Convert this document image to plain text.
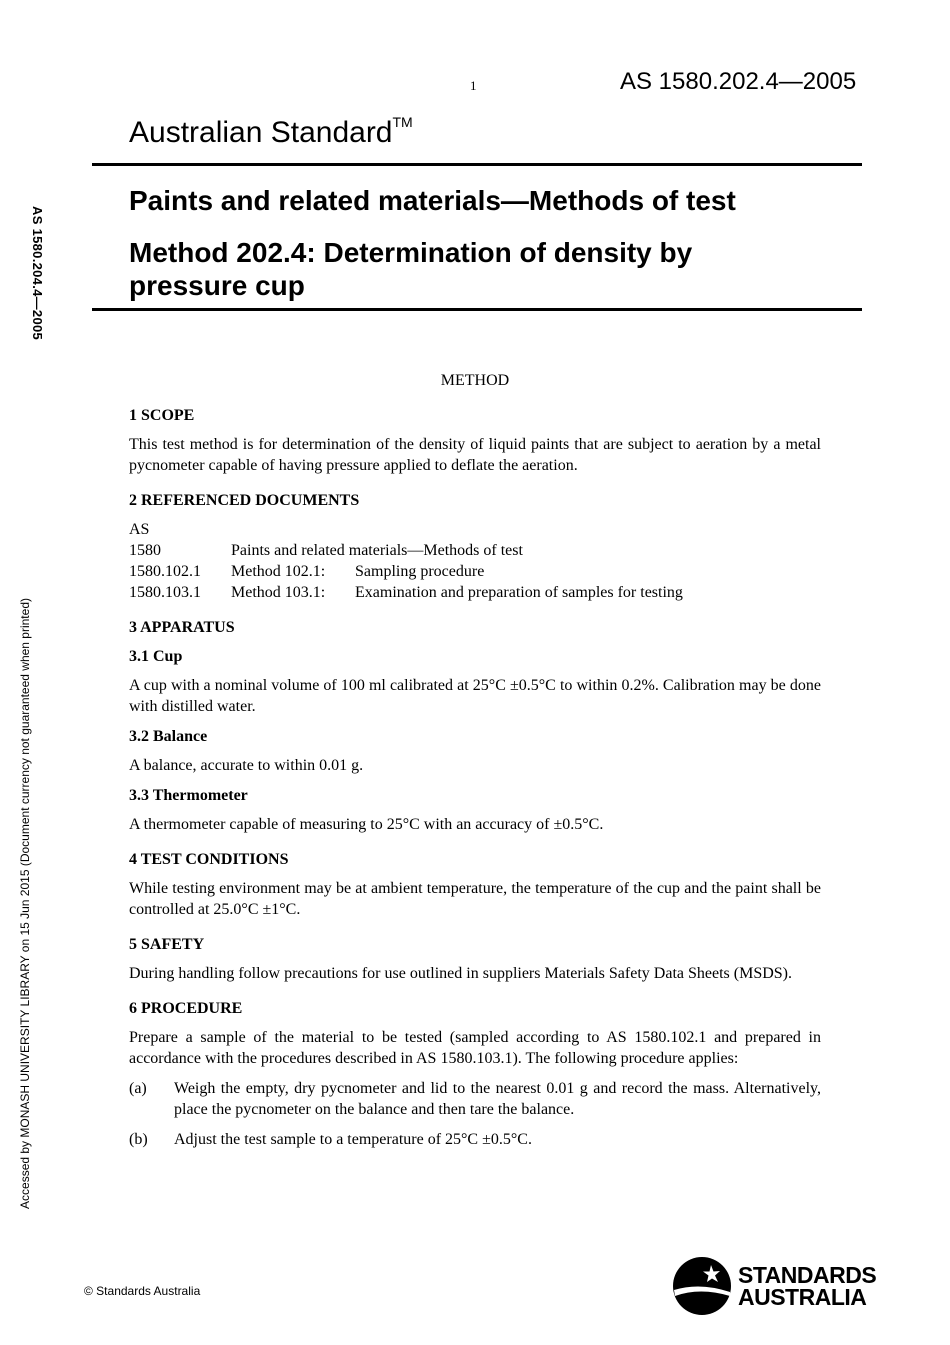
1	AS 1580.202.4—2005
Australian Standard™
Paints and related materials—Methods of test
Method 202.4: Determination of density by pressure cup
AS 1580.204.4—2005
Accessed by MONASH UNIVERSITY LIBRARY on 15 Jun 2015 (Document currency not guaranteed when printed)
METHOD
1 SCOPE
This test method is for determination of the density of liquid paints that are subject to aeration by a metal pycnometer capable of having pressure applied to deflate the aeration.
2 REFERENCED DOCUMENTS
AS
1580	Paints and related materials—Methods of test
1580.102.1	Method 102.1: Sampling procedure
1580.103.1	Method 103.1: Examination and preparation of samples for testing
3 APPARATUS
3.1 Cup
A cup with a nominal volume of 100 ml calibrated at 25°C ±0.5°C to within 0.2%. Calibration may be done with distilled water.
3.2 Balance
A balance, accurate to within 0.01 g.
3.3 Thermometer
A thermometer capable of measuring to 25°C with an accuracy of ±0.5°C.
4 TEST CONDITIONS
While testing environment may be at ambient temperature, the temperature of the cup and the paint shall be controlled at 25.0°C ±1°C.
5 SAFETY
During handling follow precautions for use outlined in suppliers Materials Safety Data Sheets (MSDS).
6 PROCEDURE
Prepare a sample of the material to be tested (sampled according to AS 1580.102.1 and prepared in accordance with the procedures described in AS 1580.103.1). The following procedure applies:
(a)	Weigh the empty, dry pycnometer and lid to the nearest 0.01 g and record the mass. Alternatively, place the pycnometer on the balance and then tare the balance.
(b)	Adjust the test sample to a temperature of 25°C ±0.5°C.
© Standards Australia
STANDARDS
AUSTRALIA
